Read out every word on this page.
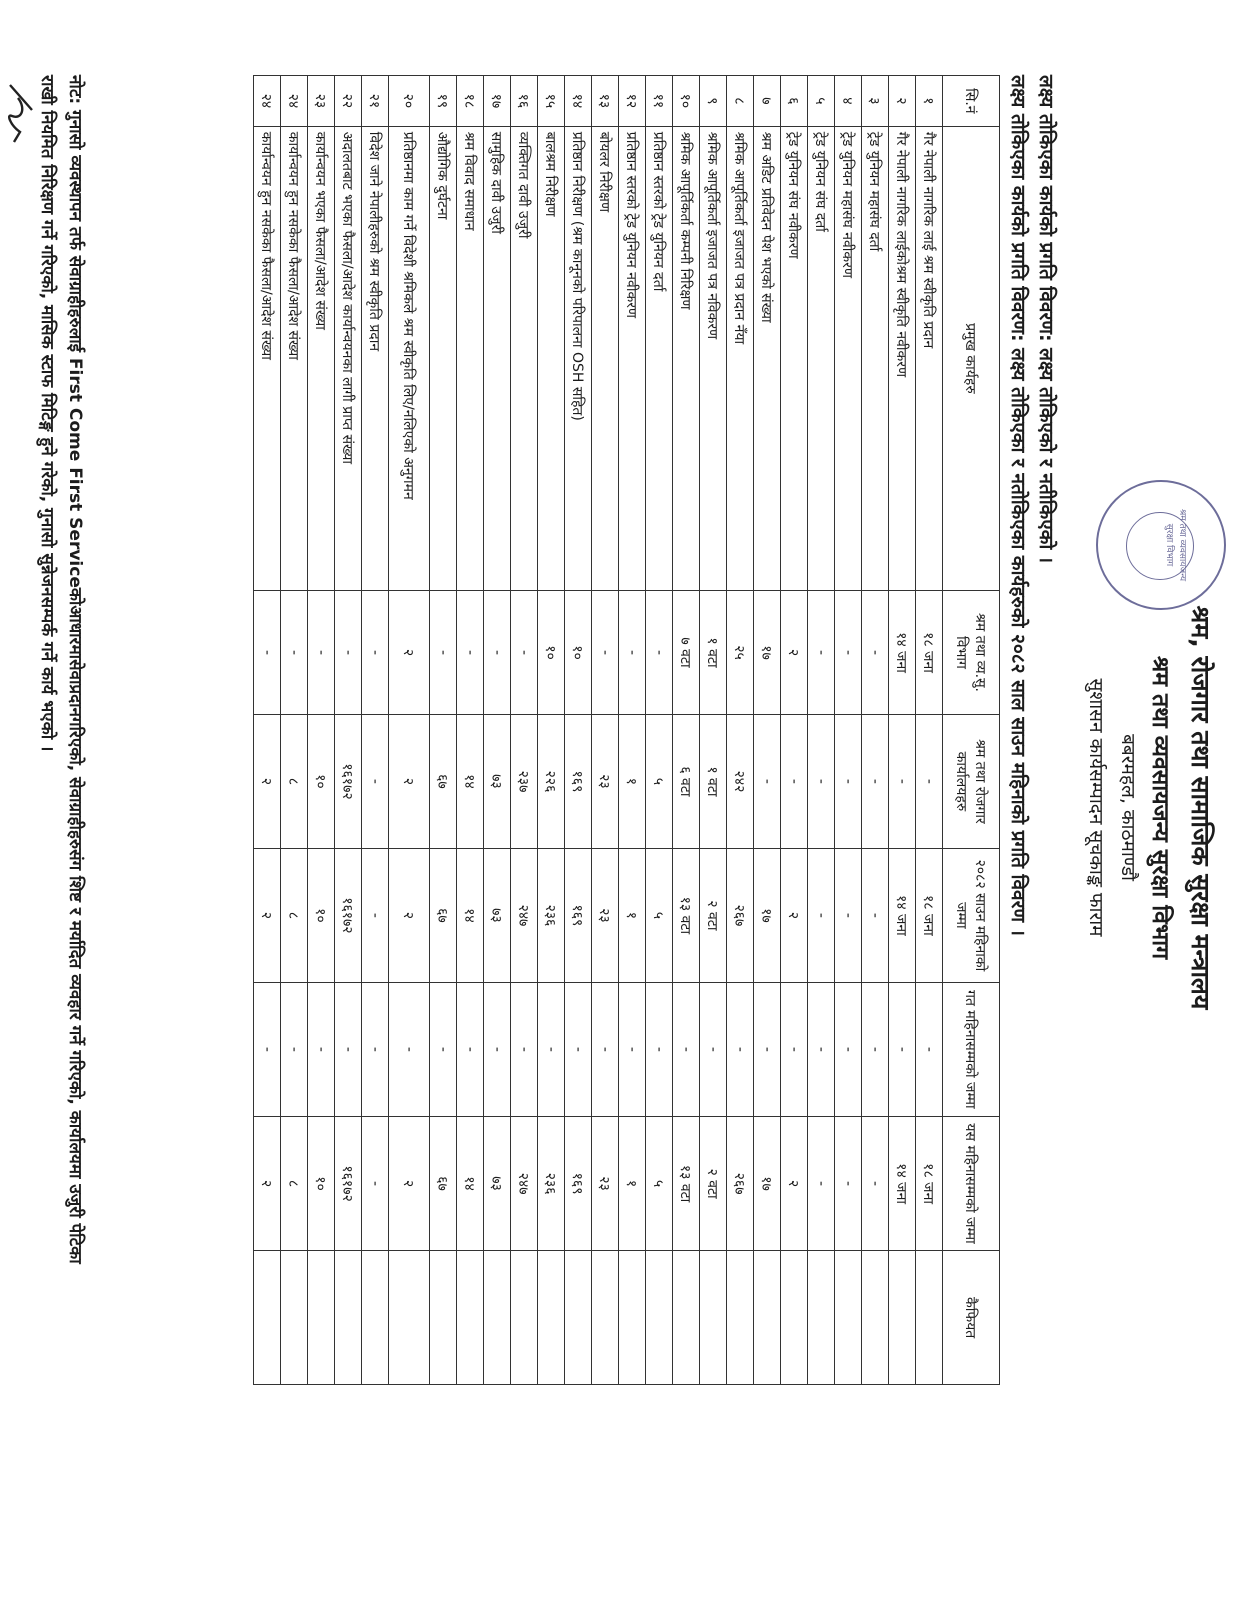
श्रम, रोजगार तथा सामाजिक सुरक्षा मन्त्रालय
श्रम तथा व्यवसायजन्य सुरक्षा विभाग
बबरमहल, काठमाण्डौ
सुशासन कार्यसम्पादन सूचकाङ्क फाराम
श्रम तथा व्यवसायजन्य
सुरक्षा विभाग
लक्ष्य तोकिएका कार्यको प्रगति विवरण: लक्ष्य तोकिएको र नतीकिएको ।
लक्ष्य तोकिएका कार्यको प्रगति विवरण: लक्ष्य तोकिएका र नतोकिएका कार्यहरुको २०८२ साल साउन महिनाको प्रगति विवरण ।
सि.नं	प्रमुख कार्यहरु	श्रम तथा व्य.सु. विभाग	श्रम तथा रोजगार कार्यालयहरु	२०८२ साउन महिनाको जम्मा	गत महिनासम्मको जम्मा	यस महिनासम्मको जम्मा	कैफियत
१	गैर नेपाली नागरिक लाई श्रम स्वीकृति प्रदान	१८ जना	-	१८ जना	-	१८ जना	
२	गैर नेपाली नागरिक लाईकोश्रम स्वीकृति नवीकरण	१४ जना	-	१४ जना	-	१४ जना	
३	ट्रेड युनियन महासंघ दर्ता	-	-	-	-	-	
४	ट्रेड युनियन महासंघ नवीकरण	-	-	-	-	-	
५	ट्रेड युनियन संघ दर्ता	-	-	-	-	-	
६	ट्रेड युनियन संघ नवीकरण	२	-	२	-	२	
७	श्रम अडिट प्रतिवेदन पेश भएको संख्या	१७	-	१७	-	१७	
८	श्रमिक आपूर्तिकर्ता इजाजत पत्र प्रदान नँया	२५	२४२	२६७	-	२६७	
९	श्रमिक आपूर्तिकर्ता इजाजत पत्र नविकरण	१ वटा	१ वटा	२ वटा	-	२ वटा	
१०	श्रमिक आपूर्तिकर्ता कम्पनी निरिक्षण	७ वटा	६ वटा	१३ वटा	-	१३ वटा	
११	प्रतिष्ठान स्तरको ट्रेड युनियन दर्ता	-	५	५	-	५	
१२	प्रतिष्ठान स्तरको ट्रेड युनियन नवीकरण	-	१	१	-	१	
१३	बोयलर निरीक्षण	-	२३	२३	-	२३	
१४	प्रतिष्ठान निरीक्षण (श्रम कानूनको परिपालना OSH सहित)	१०	१६९	१६९	-	१६९	
१५	बालश्रम निरीक्षण	१०	२२६	२३६	-	२३६	
१६	व्यक्तिगत दावी उजुरी	-	२३७	२४७	-	२४७	
१७	सामुहिक दावी उजुरी	-	७३	७३	-	७३	
१८	श्रम विवाद समाधान	-	१४	१४	-	१४	
१९	औद्योगिक दुर्घटना	-	६७	६७	-	६७	
२०	प्रतिष्ठानमा काम गर्ने विदेशी श्रमिकले श्रम स्वीकृति लिए/नलिएको अनुगमन	२	२	२	-	२	
२१	विदेश जाने नेपालीहरुको श्रम स्वीकृति प्रदान	-	-	-	-	-	
२२	अदालतबाट भएका फैसला/आदेश कार्यान्वयनका लागी प्राप्त संख्या	-	१६१७२	१६१७२	-	१६१७२	
२३	कार्यान्वयन भएका फैसला/आदेश संख्या	-	१०	१०	-	१०	
२४	कार्यान्वयन हुन नसकेका फैसला/आदेश संख्या	-	८	८	-	८	
२४	कार्यान्वयन हुन नसकेका फैसला/आदेश संख्या	-	२	२	-	२	
नोट: गुनासो व्यवस्थापन तर्फ सेवाग्राहीहरुलाई First Come First Serviceकोआधारमासेवाप्रदानगरिएको, सेवाग्राहीहरुसंग शिष्ट र मर्यादित व्यवहार गर्ने गरिएको, कार्यालयमा उजुरी पेटिका
राखी नियमित निरिक्षण गर्ने गरिएको, मासिक स्टाफ मिटिङ्ग हुने गरेको, गुनासो सुन्नेजनसम्पर्क गर्ने कार्य भएको ।
